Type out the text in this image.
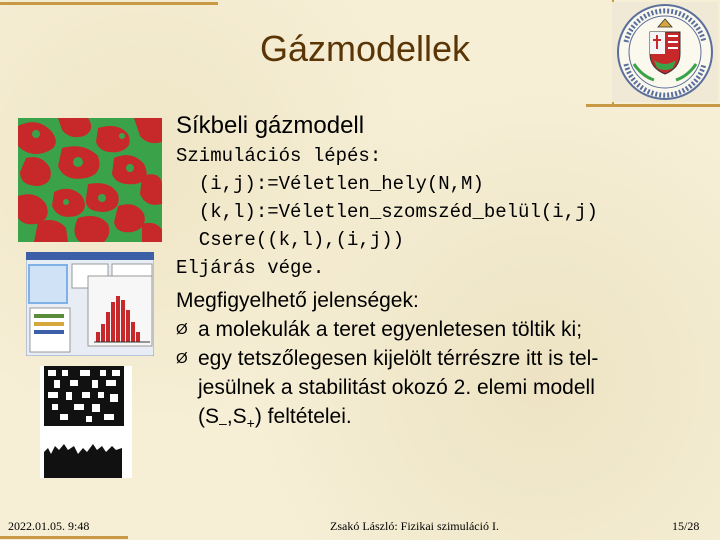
Gázmodellek
Síkbeli gázmodell
Szimulációs lépés:
(i,j):=Véletlen_hely(N,M)
(k,l):=Véletlen_szomszéd_belül(i,j)
Csere((k,l),(i,j))
Eljárás vége.
Megfigyelhető jelenségek:
Ø a molekulák a teret egyenletesen töltik ki;
Ø egy tetszőlegesen kijelölt térrészre itt is tel-
jesülnek a stabilitást okozó 2. elemi modell
$(S_-,S_+)$ feltételei.
2022.01.05. 9:48	Zsakó László: Fizikai szimuláció I.	15/28
